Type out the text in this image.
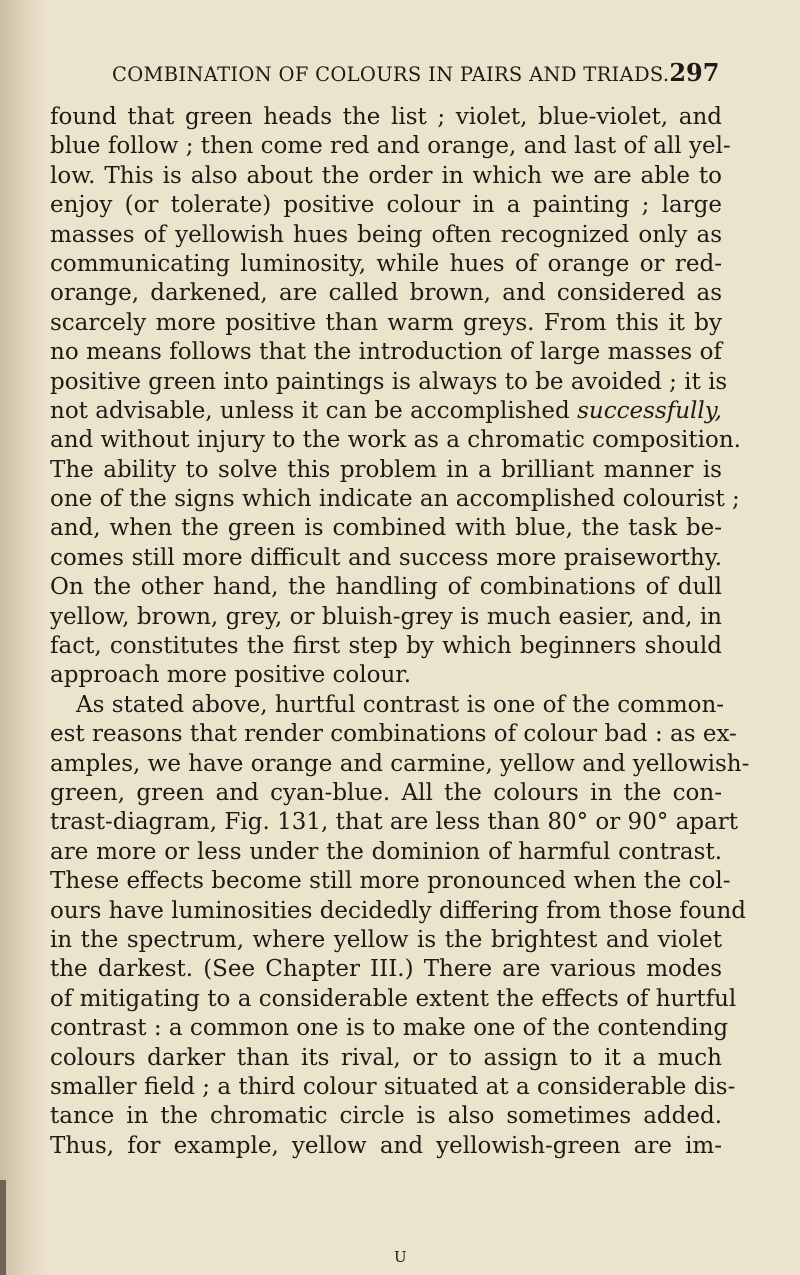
COMBINATION OF COLOURS IN PAIRS AND TRIADS. 297
found that green heads the list ; violet, blue-violet, and
blue follow ; then come red and orange, and last of all yel-
low. This is also about the order in which we are able to
enjoy (or tolerate) positive colour in a painting ; large
masses of yellowish hues being often recognized only as
communicating luminosity, while hues of orange or red-
orange, darkened, are called brown, and considered as
scarcely more positive than warm greys. From this it by
no means follows that the introduction of large masses of
positive green into paintings is always to be avoided ; it is
not advisable, unless it can be accomplished successfully,
and without injury to the work as a chromatic composition.
The ability to solve this problem in a brilliant manner is
one of the signs which indicate an accomplished colourist ;
and, when the green is combined with blue, the task be-
comes still more difficult and success more praiseworthy.
On the other hand, the handling of combinations of dull
yellow, brown, grey, or bluish-grey is much easier, and, in
fact, constitutes the first step by which beginners should
approach more positive colour.
As stated above, hurtful contrast is one of the common-
est reasons that render combinations of colour bad : as ex-
amples, we have orange and carmine, yellow and yellowish-
green, green and cyan-blue. All the colours in the con-
trast-diagram, Fig. 131, that are less than 80° or 90° apart
are more or less under the dominion of harmful contrast.
These effects become still more pronounced when the col-
ours have luminosities decidedly differing from those found
in the spectrum, where yellow is the brightest and violet
the darkest. (See Chapter III.) There are various modes
of mitigating to a considerable extent the effects of hurtful
contrast : a common one is to make one of the contending
colours darker than its rival, or to assign to it a much
smaller field ; a third colour situated at a considerable dis-
tance in the chromatic circle is also sometimes added.
Thus, for example, yellow and yellowish-green are im-
U
